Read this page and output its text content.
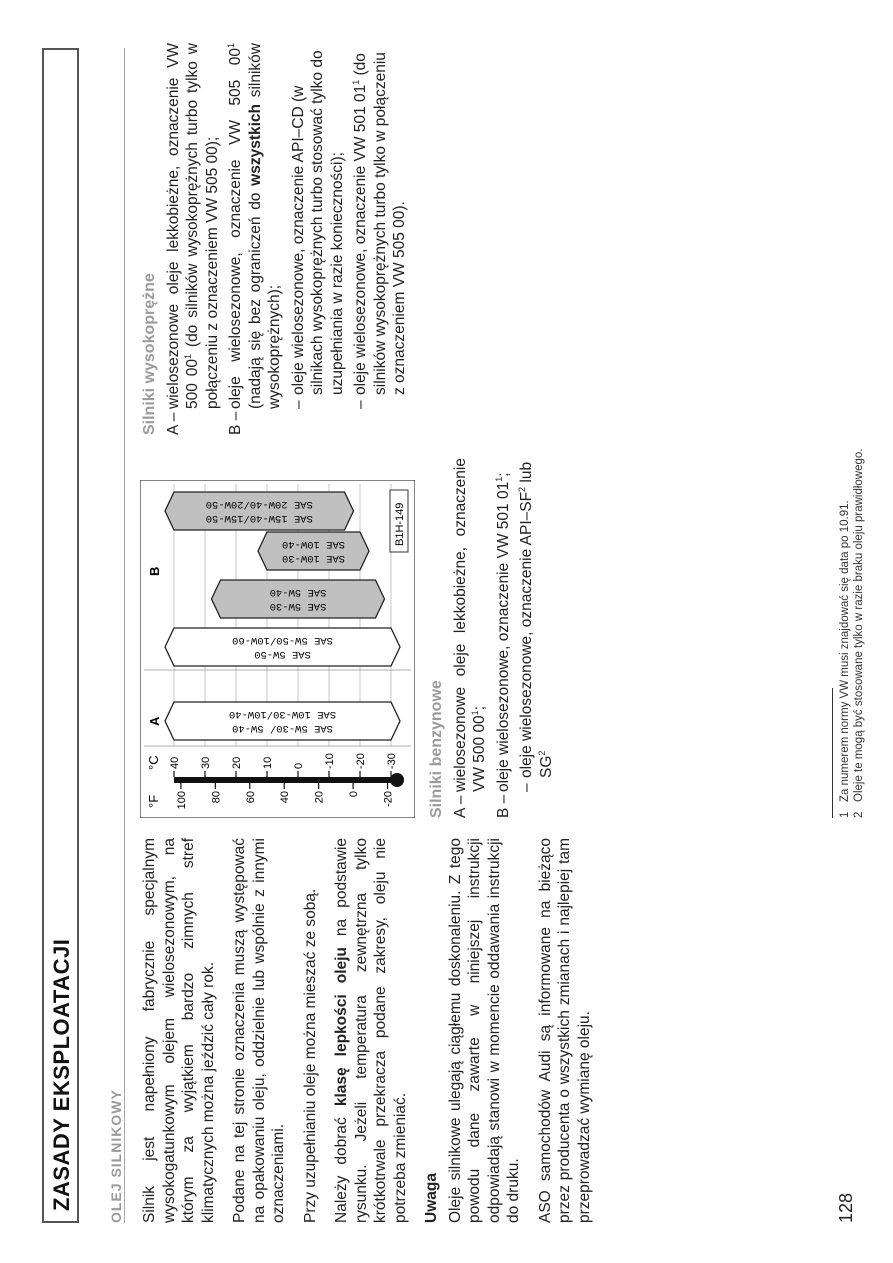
ZASADY EKSPLOATACJI OLEJ SILNIKOWY Silnik jest napełniony fabrycznie specjalnym wysokogatunkowym olejem wielosezonowym, na którym za wyjątkiem bardzo zimnych stref klimatycznych można jeździć cały rok. Podane na tej stronie oznaczenia muszą występować na opakowaniu oleju, oddzielnie lub wspólnie z innymi oznaczeniami. Przy uzupełnianiu oleje można mieszać ze sobą. Należy dobrać klasę lepkości oleju na podstawie rysunku. Jeżeli temperatura zewnętrzna tylko krótkotrwale przekracza podane zakresy, oleju nie potrzeba zmieniać. Uwaga Oleje silnikowe ulegają ciągłemu doskonaleniu. Z tego powodu dane zawarte w niniejszej instrukcji odpowiadają stanowi w momencie oddawania instrukcji do druku. ASO samochodów Audi są informowane na bieżąco przez producenta o wszystkich zmianach i najlepiej tam przeprowadzać wymianę oleju.	128
40 30 20 10 0 -10 -20 -30
100 80 60 40 20 0 -20
SAE 5W-30/ 5W-40
SAE 10W-30/10W-40
SAE 5W-50
SAE 5W-50/10W-60
SAE 5W-30
SAE 5W-40
SAE 10W-30
SAE 10W-40
SAE 15W-40/15W-50
SAE 20W-40/20W-50
°F
°C
A
B
B1H-149
Silniki benzynowe A –
wielosezonowe oleje lekkobieżne, oznaczenie VW 500 $00^1$;
B –
oleje wielosezonowe, oznaczenie VW 501 $01^1$;
–
oleje wielosezonowe, oznaczenie API–$SF^2$ lub $SG^2$
Silniki wysokoprężne A –
wielosezonowe oleje lekkobieżne, oznaczenie VW 500 $00^1$ (do silników wysokoprężnych turbo tylko w połączeniu z oznaczeniem VW 505 00);
B –
oleje wielosezonowe, oznaczenie VW 505 $00^1$ (nadają się bez ograniczeń do wszystkich silników wysokoprężnych); –
oleje wielosezonowe, oznaczenie API–CD (w silnikach wysokoprężnych turbo stosować tylko do uzupełniania w razie konieczności);
–
oleje wielosezonowe, oznaczenie VW 501 $01^1$ (do silników wysokoprężnych turbo tylko w połączeniu z oznaczeniem VW 505 00).
1
Za numerem normy VW musi znajdować się data po 10.91.
2
Oleje te mogą być stosowane tylko w razie braku oleju prawidłowego.
